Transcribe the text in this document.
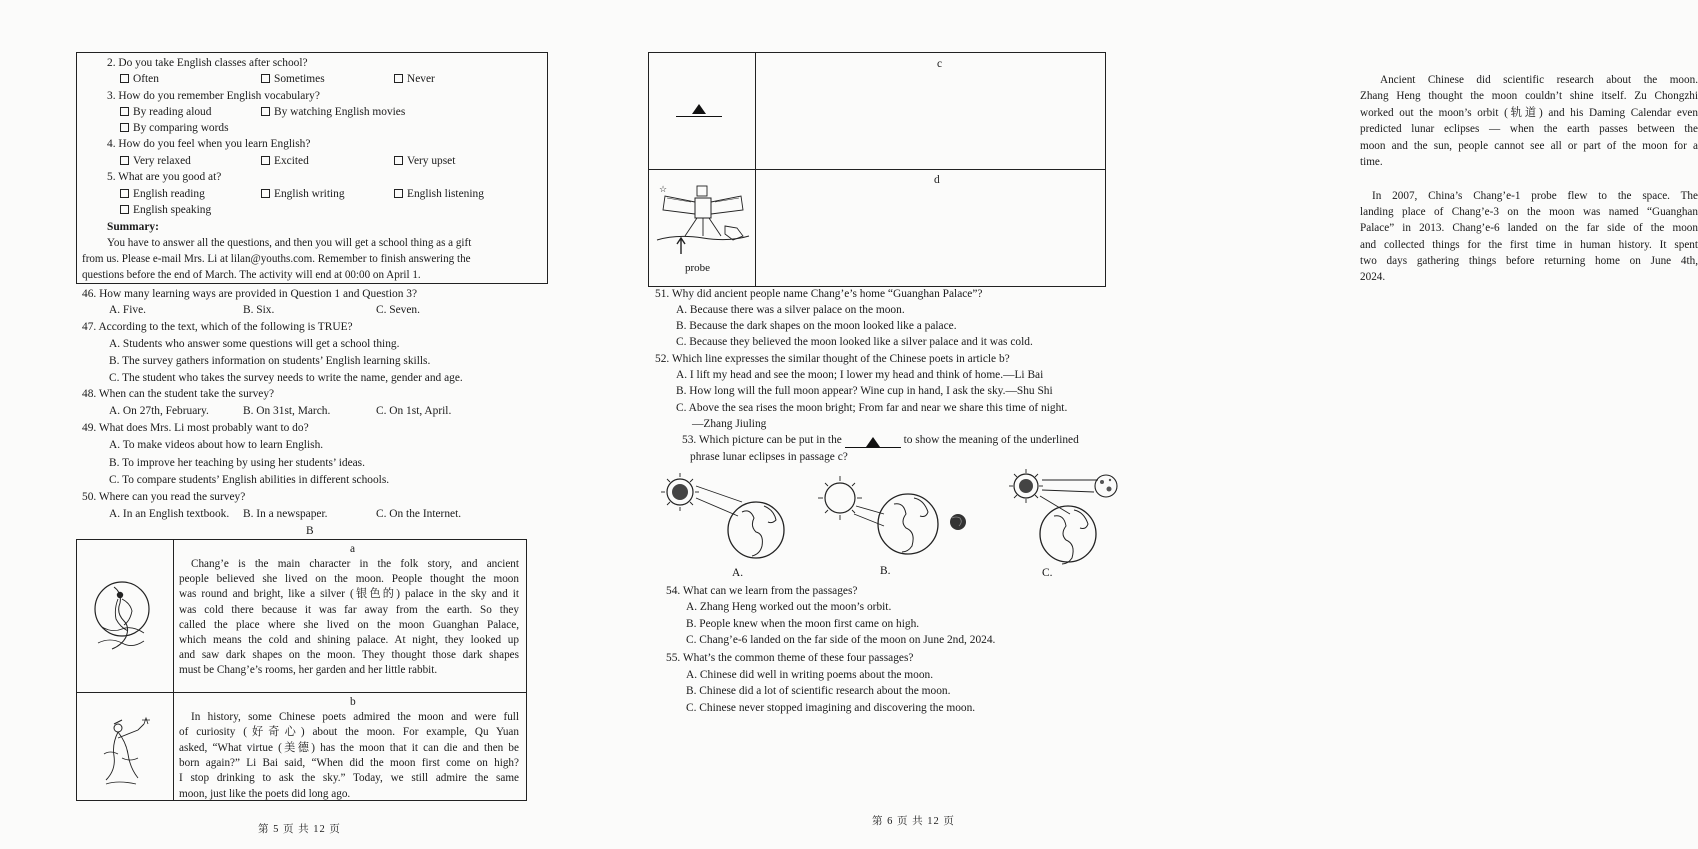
2. Do you take English classes after school?
Often	Sometimes	Never
3. How do you remember English vocabulary?
By reading aloud	By watching English movies
By comparing words
4. How do you feel when you learn English?
Very relaxed	Excited	Very upset
5. What are you good at?
English reading	English writing	English listening
English speaking
Summary:
You have to answer all the questions, and then you will get a school thing as a gift
from us. Please e-mail Mrs. Li at lilan@youths.com. Remember to finish answering the
questions before the end of March. The activity will end at 00:00 on April 1.
46. How many learning ways are provided in Question 1 and Question 3?
A. Five.	B. Six.	C. Seven.
47. According to the text, which of the following is TRUE?
A. Students who answer some questions will get a school thing.
B. The survey gathers information on students’ English learning skills.
C. The student who takes the survey needs to write the name, gender and age.
48. When can the student take the survey?
A. On 27th, February.	B. On 31st, March.	C. On 1st, April.
49. What does Mrs. Li most probably want to do?
A. To make videos about how to learn English.
B. To improve her teaching by using her students’ ideas.
C. To compare students’ English abilities in different schools.
50. Where can you read the survey?
A. In an English textbook. B. In a newspaper.	C. On the Internet.
B
a
Chang’e is the main character in the folk story, and ancient
people believed she lived on the moon. People thought the moon
was round and bright, like a silver (银色的) palace in the sky and it
was cold there because it was far away from the earth. So they
called the place where she lived on the moon Guanghan Palace,
which means the cold and shining palace. At night, they looked up
and saw dark shapes on the moon. They thought those dark shapes
must be Chang’e’s rooms, her garden and her little rabbit.
b
In history, some Chinese poets admired the moon and were full
of curiosity (好奇心) about the moon. For example, Qu Yuan
asked, “What virtue (美德) has the moon that it can die and then be
born again?” Li Bai said, “When did the moon first come on high?
I stop drinking to ask the sky.” Today, we still admire the same
moon, just like the poets did long ago.
第 5 页 共 12 页
☆
probe
c
Ancient Chinese did scientific research about the moon.
Zhang Heng thought the moon couldn’t shine itself. Zu Chongzhi
worked out the moon’s orbit (轨道) and his Daming Calendar even
predicted lunar eclipses — when the earth passes between the
moon and the sun, people cannot see all or part of the moon for a
time.
d
In 2007, China’s Chang’e-1 probe flew to the space. The
landing place of Chang’e-3 on the moon was named “Guanghan
Palace” in 2013. Chang’e-6 landed on the far side of the moon
and collected things for the first time in human history. It spent
two days gathering things before returning home on June 4th,
2024.
51. Why did ancient people name Chang’e’s home “Guanghan Palace”?
A. Because there was a silver palace on the moon.
B. Because the dark shapes on the moon looked like a palace.
C. Because they believed the moon looked like a silver palace and it was cold.
52. Which line expresses the similar thought of the Chinese poets in article b?
A. I lift my head and see the moon; I lower my head and think of home.—Li Bai
B. How long will the full moon appear? Wine cup in hand, I ask the sky.—Shu Shi
C. Above the sea rises the moon bright; From far and near we share this time of night.
—Zhang Jiuling
53. Which picture can be put in the	to show the meaning of the underlined
phrase lunar eclipses in passage c?
A.	B.	C.
54. What can we learn from the passages?
A. Zhang Heng worked out the moon’s orbit.
B. People knew when the moon first came on high.
C. Chang’e-6 landed on the far side of the moon on June 2nd, 2024.
55. What’s the common theme of these four passages?
A. Chinese did well in writing poems about the moon.
B. Chinese did a lot of scientific research about the moon.
C. Chinese never stopped imagining and discovering the moon.
第 6 页 共 12 页
